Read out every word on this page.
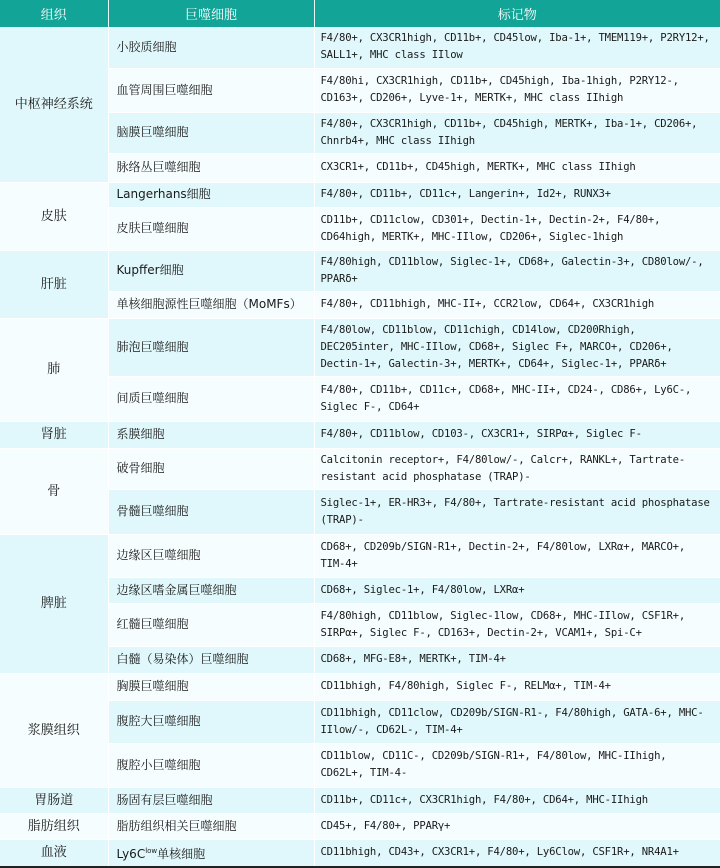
组织	巨噬细胞	标记物
中枢神经系统	小胶质细胞	F4/80+, CX3CR1high, CD11b+, CD45low, Iba-1+, TMEM119+, P2RY12+, SALL1+, MHC class IIlow
	血管周围巨噬细胞	F4/80hi, CX3CR1high, CD11b+, CD45high, Iba-1high, P2RY12-, CD163+, CD206+, Lyve-1+, MERTK+, MHC class IIhigh
	脑膜巨噬细胞	F4/80+, CX3CR1high, CD11b+, CD45high, MERTK+, Iba-1+, CD206+, Chnrb4+, MHC class IIhigh
	脉络丛巨噬细胞	CX3CR1+, CD11b+, CD45high, MERTK+, MHC class IIhigh
皮肤	Langerhans细胞	F4/80+, CD11b+, CD11c+, Langerin+, Id2+, RUNX3+
	皮肤巨噬细胞	CD11b+, CD11clow, CD301+, Dectin-1+, Dectin-2+, F4/80+, CD64high, MERTK+, MHC-IIlow, CD206+, Siglec-1high
肝脏	Kupffer细胞	F4/80high, CD11blow, Siglec-1+, CD68+, Galectin-3+, CD80low/-, PPARδ+
	单核细胞源性巨噬细胞（MoMFs）	F4/80+, CD11bhigh, MHC-II+, CCR2low, CD64+, CX3CR1high
肺	肺泡巨噬细胞	F4/80low, CD11blow, CD11chigh, CD14low, CD200Rhigh, DEC205inter, MHC-IIlow, CD68+, Siglec F+, MARCO+, CD206+, Dectin-1+, Galectin-3+, MERTK+, CD64+, Siglec-1+, PPARδ+
	间质巨噬细胞	F4/80+, CD11b+, CD11c+, CD68+, MHC-II+, CD24-, CD86+, Ly6C-, Siglec F-, CD64+
肾脏	系膜细胞	F4/80+, CD11blow, CD103-, CX3CR1+, SIRPα+, Siglec F-
骨	破骨细胞	Calcitonin receptor+, F4/80low/-, Calcr+, RANKL+, Tartrate-resistant acid phosphatase (TRAP)-
	骨髓巨噬细胞	Siglec-1+, ER-HR3+, F4/80+, Tartrate-resistant acid phosphatase (TRAP)-
脾脏	边缘区巨噬细胞	CD68+, CD209b/SIGN-R1+, Dectin-2+, F4/80low, LXRα+, MARCO+, TIM-4+
	边缘区嗜金属巨噬细胞	CD68+, Siglec-1+, F4/80low, LXRα+
	红髓巨噬细胞	F4/80high, CD11blow, Siglec-1low, CD68+, MHC-IIlow, CSF1R+, SIRPα+, Siglec F-, CD163+, Dectin-2+, VCAM1+, Spi-C+
	白髓（易染体）巨噬细胞	CD68+, MFG-E8+, MERTK+, TIM-4+
浆膜组织	胸膜巨噬细胞	CD11bhigh, F4/80high, Siglec F-, RELMα+, TIM-4+
	腹腔大巨噬细胞	CD11bhigh, CD11clow, CD209b/SIGN-R1-, F4/80high, GATA-6+, MHC-IIlow/-, CD62L-, TIM-4+
	腹腔小巨噬细胞	CD11blow, CD11C-, CD209b/SIGN-R1+, F4/80low, MHC-IIhigh, CD62L+, TIM-4-
胃肠道	肠固有层巨噬细胞	CD11b+, CD11c+, CX3CR1high, F4/80+, CD64+, MHC-IIhigh
脂肪组织	脂肪组织相关巨噬细胞	CD45+, F4/80+, PPARγ+
血液	$Ly6C^{low}$单核细胞	CD11bhigh, CD43+, CX3CR1+, F4/80+, Ly6Clow, CSF1R+, NR4A1+
